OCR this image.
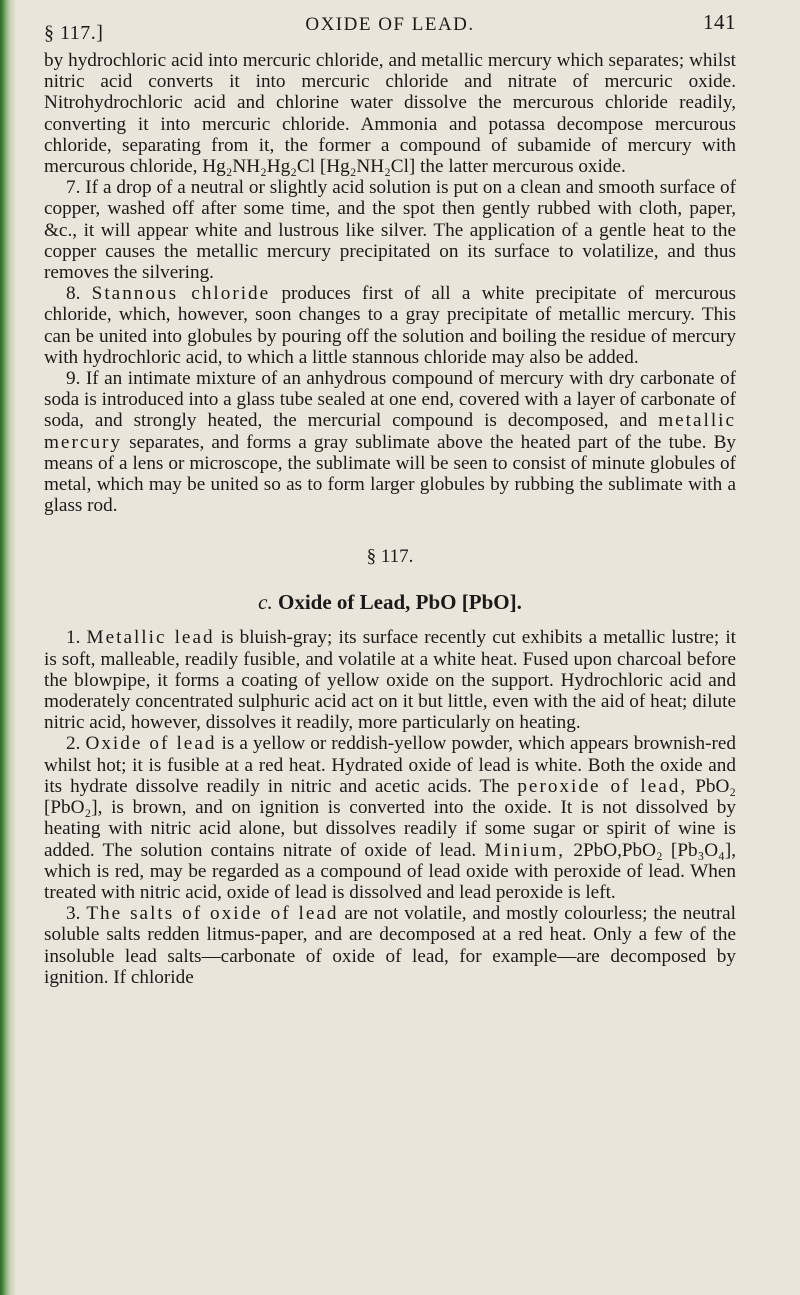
§ 117.]	OXIDE OF LEAD.	141

by hydrochloric acid into mercuric chloride, and metallic mercury which separates; whilst nitric acid converts it into mercuric chloride and nitrate of mercuric oxide. Nitrohydrochloric acid and chlorine water dissolve the mercurous chloride readily, converting it into mercuric chloride. Ammonia and potassa decompose mercurous chloride, separating from it, the former a compound of subamide of mercury with mercurous chloride, Hg₂NH₂Hg₂Cl [Hg₂NH₂Cl] the latter mercurous oxide.

7. If a drop of a neutral or slightly acid solution is put on a clean and smooth surface of copper, washed off after some time, and the spot then gently rubbed with cloth, paper, &c., it will appear white and lustrous like silver. The application of a gentle heat to the copper causes the metallic mercury precipitated on its surface to volatilize, and thus removes the silvering.

8. Stannous chloride produces first of all a white precipitate of mercurous chloride, which, however, soon changes to a gray precipitate of metallic mercury. This can be united into globules by pouring off the solution and boiling the residue of mercury with hydrochloric acid, to which a little stannous chloride may also be added.

9. If an intimate mixture of an anhydrous compound of mercury with dry carbonate of soda is introduced into a glass tube sealed at one end, covered with a layer of carbonate of soda, and strongly heated, the mercurial compound is decomposed, and metallic mercury separates, and forms a gray sublimate above the heated part of the tube. By means of a lens or microscope, the sublimate will be seen to consist of minute globules of metal, which may be united so as to form larger globules by rubbing the sublimate with a glass rod.

§ 117.
c. Oxide of Lead, PbO [PbO].

1. Metallic lead is bluish-gray; its surface recently cut exhibits a metallic lustre; it is soft, malleable, readily fusible, and volatile at a white heat. Fused upon charcoal before the blowpipe, it forms a coating of yellow oxide on the support. Hydrochloric acid and moderately concentrated sulphuric acid act on it but little, even with the aid of heat; dilute nitric acid, however, dissolves it readily, more particularly on heating.

2. Oxide of lead is a yellow or reddish-yellow powder, which appears brownish-red whilst hot; it is fusible at a red heat. Hydrated oxide of lead is white. Both the oxide and its hydrate dissolve readily in nitric and acetic acids. The peroxide of lead, PbO₂ [PbO₂], is brown, and on ignition is converted into the oxide. It is not dissolved by heating with nitric acid alone, but dissolves readily if some sugar or spirit of wine is added. The solution contains nitrate of oxide of lead. Minium, 2PbO,PbO₂ [Pb₃O₄], which is red, may be regarded as a compound of lead oxide with peroxide of lead. When treated with nitric acid, oxide of lead is dissolved and lead peroxide is left.

3. The salts of oxide of lead are not volatile, and mostly colourless; the neutral soluble salts redden litmus-paper, and are decomposed at a red heat. Only a few of the insoluble lead salts—carbonate of oxide of lead, for example—are decomposed by ignition. If chloride
